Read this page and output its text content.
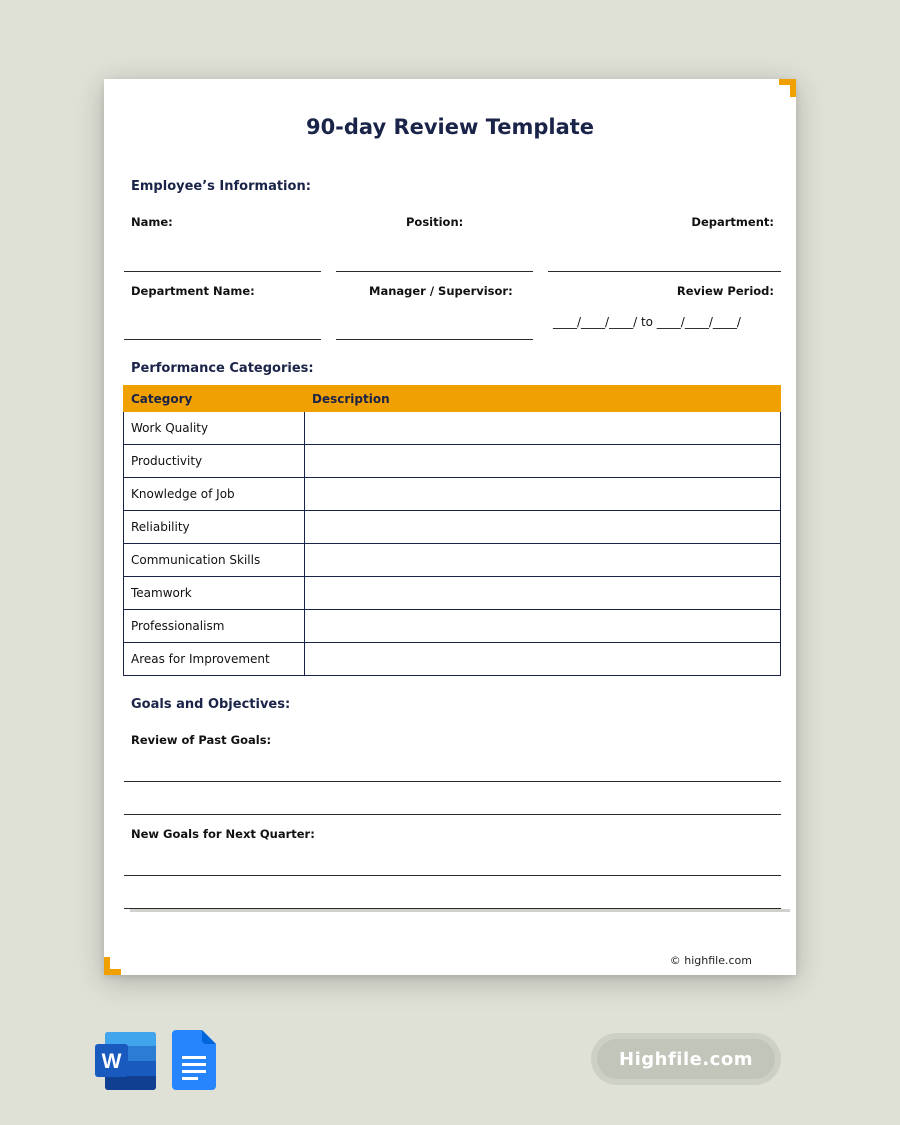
90-day Review Template
Employee’s Information:
Name:	Position:	Department:
Department Name:	Manager / Supervisor:	Review Period:
____/____/____/ to ____/____/____/
Performance Categories:
Category	Description
Work Quality	
Productivity	
Knowledge of Job	
Reliability	
Communication Skills	
Teamwork	
Professionalism	
Areas for Improvement	
Goals and Objectives:
Review of Past Goals:
New Goals for Next Quarter:
© highfile.com
W	Highfile.com
